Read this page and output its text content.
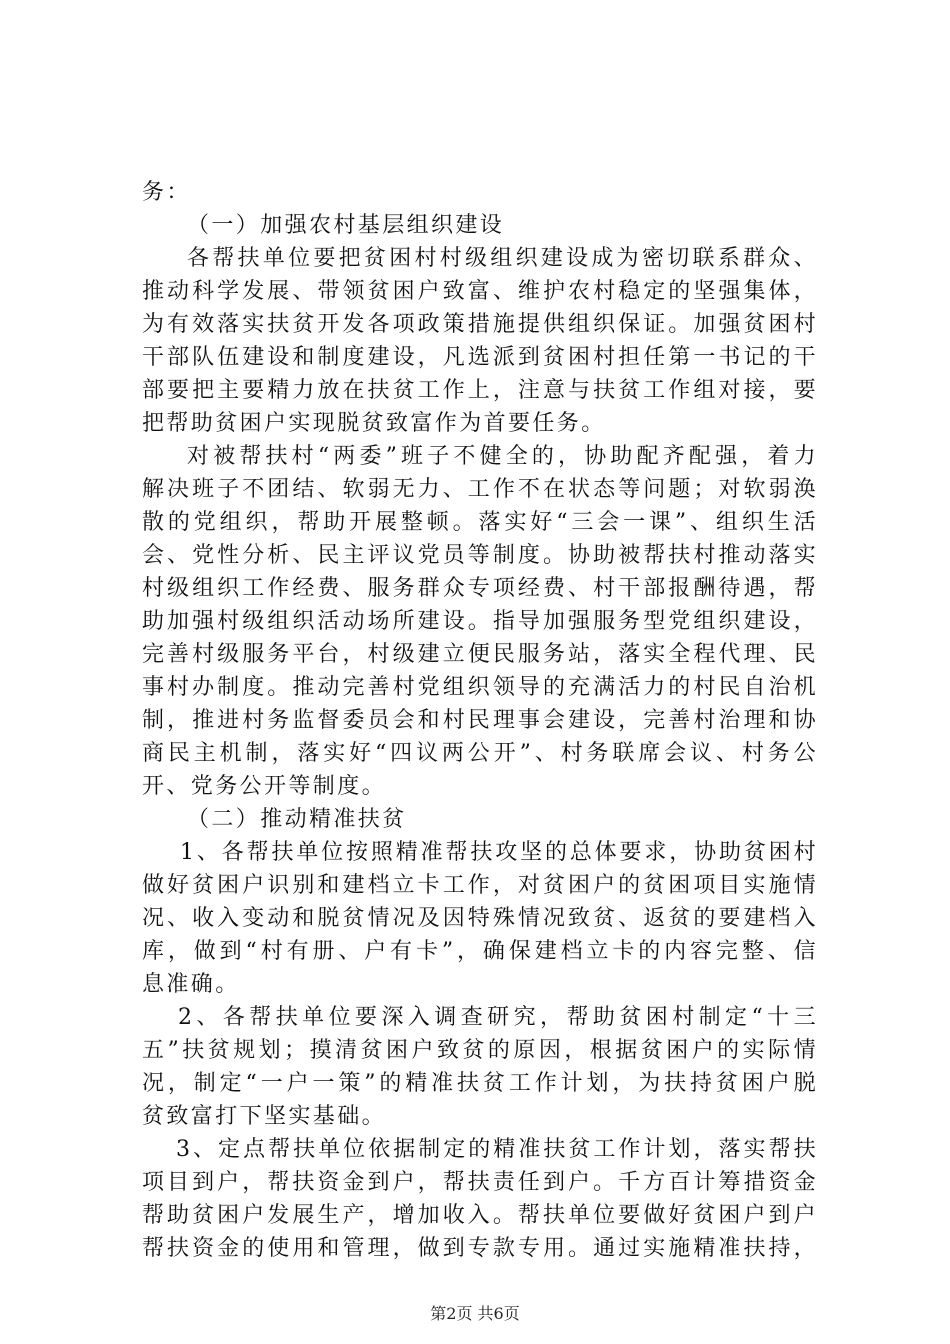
务：
（一）加强农村基层组织建设
各帮扶单位要把贫困村村级组织建设成为密切联系群众、
推动科学发展、带领贫困户致富、维护农村稳定的坚强集体，
为有效落实扶贫开发各项政策措施提供组织保证。加强贫困村
干部队伍建设和制度建设，凡选派到贫困村担任第一书记的干
部要把主要精力放在扶贫工作上，注意与扶贫工作组对接，要
把帮助贫困户实现脱贫致富作为首要任务。
对被帮扶村“两委”班子不健全的，协助配齐配强，着力
解决班子不团结、软弱无力、工作不在状态等问题；对软弱涣
散的党组织，帮助开展整顿。落实好“三会一课”、组织生活
会、党性分析、民主评议党员等制度。协助被帮扶村推动落实
村级组织工作经费、服务群众专项经费、村干部报酬待遇，帮
助加强村级组织活动场所建设。指导加强服务型党组织建设，
完善村级服务平台，村级建立便民服务站，落实全程代理、民
事村办制度。推动完善村党组织领导的充满活力的村民自治机
制，推进村务监督委员会和村民理事会建设，完善村治理和协
商民主机制，落实好“四议两公开”、村务联席会议、村务公
开、党务公开等制度。
（二）推动精准扶贫
1、各帮扶单位按照精准帮扶攻坚的总体要求，协助贫困村
做好贫困户识别和建档立卡工作，对贫困户的贫困项目实施情
况、收入变动和脱贫情况及因特殊情况致贫、返贫的要建档入
库，做到“村有册、户有卡”，确保建档立卡的内容完整、信
息准确。
2、各帮扶单位要深入调查研究，帮助贫困村制定“十三
五”扶贫规划；摸清贫困户致贫的原因，根据贫困户的实际情
况，制定“一户一策”的精准扶贫工作计划，为扶持贫困户脱
贫致富打下坚实基础。
3、定点帮扶单位依据制定的精准扶贫工作计划，落实帮扶
项目到户，帮扶资金到户，帮扶责任到户。千方百计筹措资金
帮助贫困户发展生产，增加收入。帮扶单位要做好贫困户到户
帮扶资金的使用和管理，做到专款专用。通过实施精准扶持，
第2页 共6页
